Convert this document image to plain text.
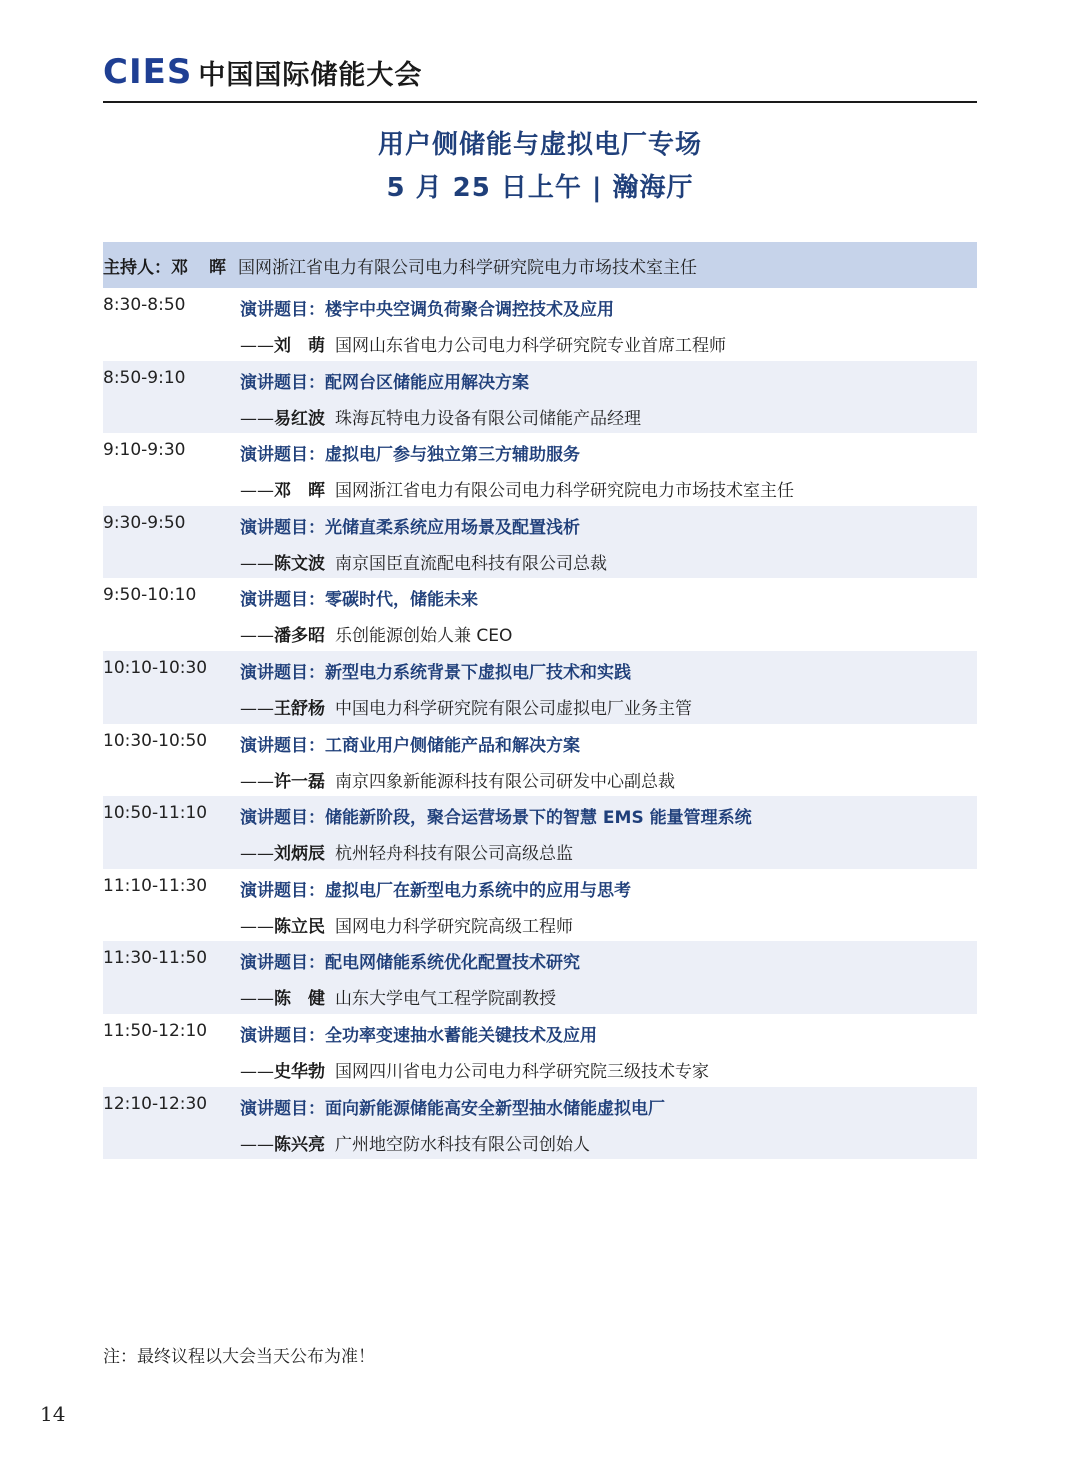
CIES 中国国际储能大会
用户侧储能与虚拟电厂专场
5 月 25 日上午 | 瀚海厅
主持人： 邓　晖 国网浙江省电力有限公司电力科学研究院电力市场技术室主任
8:30-8:50	演讲题目：楼宇中央空调负荷聚合调控技术及应用
——刘　萌 国网山东省电力公司电力科学研究院专业首席工程师
8:50-9:10	演讲题目：配网台区储能应用解决方案
——易红波 珠海瓦特电力设备有限公司储能产品经理
9:10-9:30	演讲题目：虚拟电厂参与独立第三方辅助服务
——邓　晖 国网浙江省电力有限公司电力科学研究院电力市场技术室主任
9:30-9:50	演讲题目：光储直柔系统应用场景及配置浅析
——陈文波 南京国臣直流配电科技有限公司总裁
9:50-10:10	演讲题目：零碳时代，储能未来
——潘多昭 乐创能源创始人兼 CEO
10:10-10:30 演讲题目：新型电力系统背景下虚拟电厂技术和实践
——王舒杨 中国电力科学研究院有限公司虚拟电厂业务主管
10:30-10:50 演讲题目：工商业用户侧储能产品和解决方案
——许一磊 南京四象新能源科技有限公司研发中心副总裁
10:50-11:10 演讲题目：储能新阶段，聚合运营场景下的智慧 EMS 能量管理系统
——刘炳辰 杭州轻舟科技有限公司高级总监
11:10-11:30 演讲题目：虚拟电厂在新型电力系统中的应用与思考
——陈立民 国网电力科学研究院高级工程师
11:30-11:50 演讲题目：配电网储能系统优化配置技术研究
——陈　健 山东大学电气工程学院副教授
11:50-12:10 演讲题目：全功率变速抽水蓄能关键技术及应用
——史华勃 国网四川省电力公司电力科学研究院三级技术专家
12:10-12:30 演讲题目：面向新能源储能高安全新型抽水储能虚拟电厂
——陈兴亮 广州地空防水科技有限公司创始人
注：最终议程以大会当天公布为准！
14
